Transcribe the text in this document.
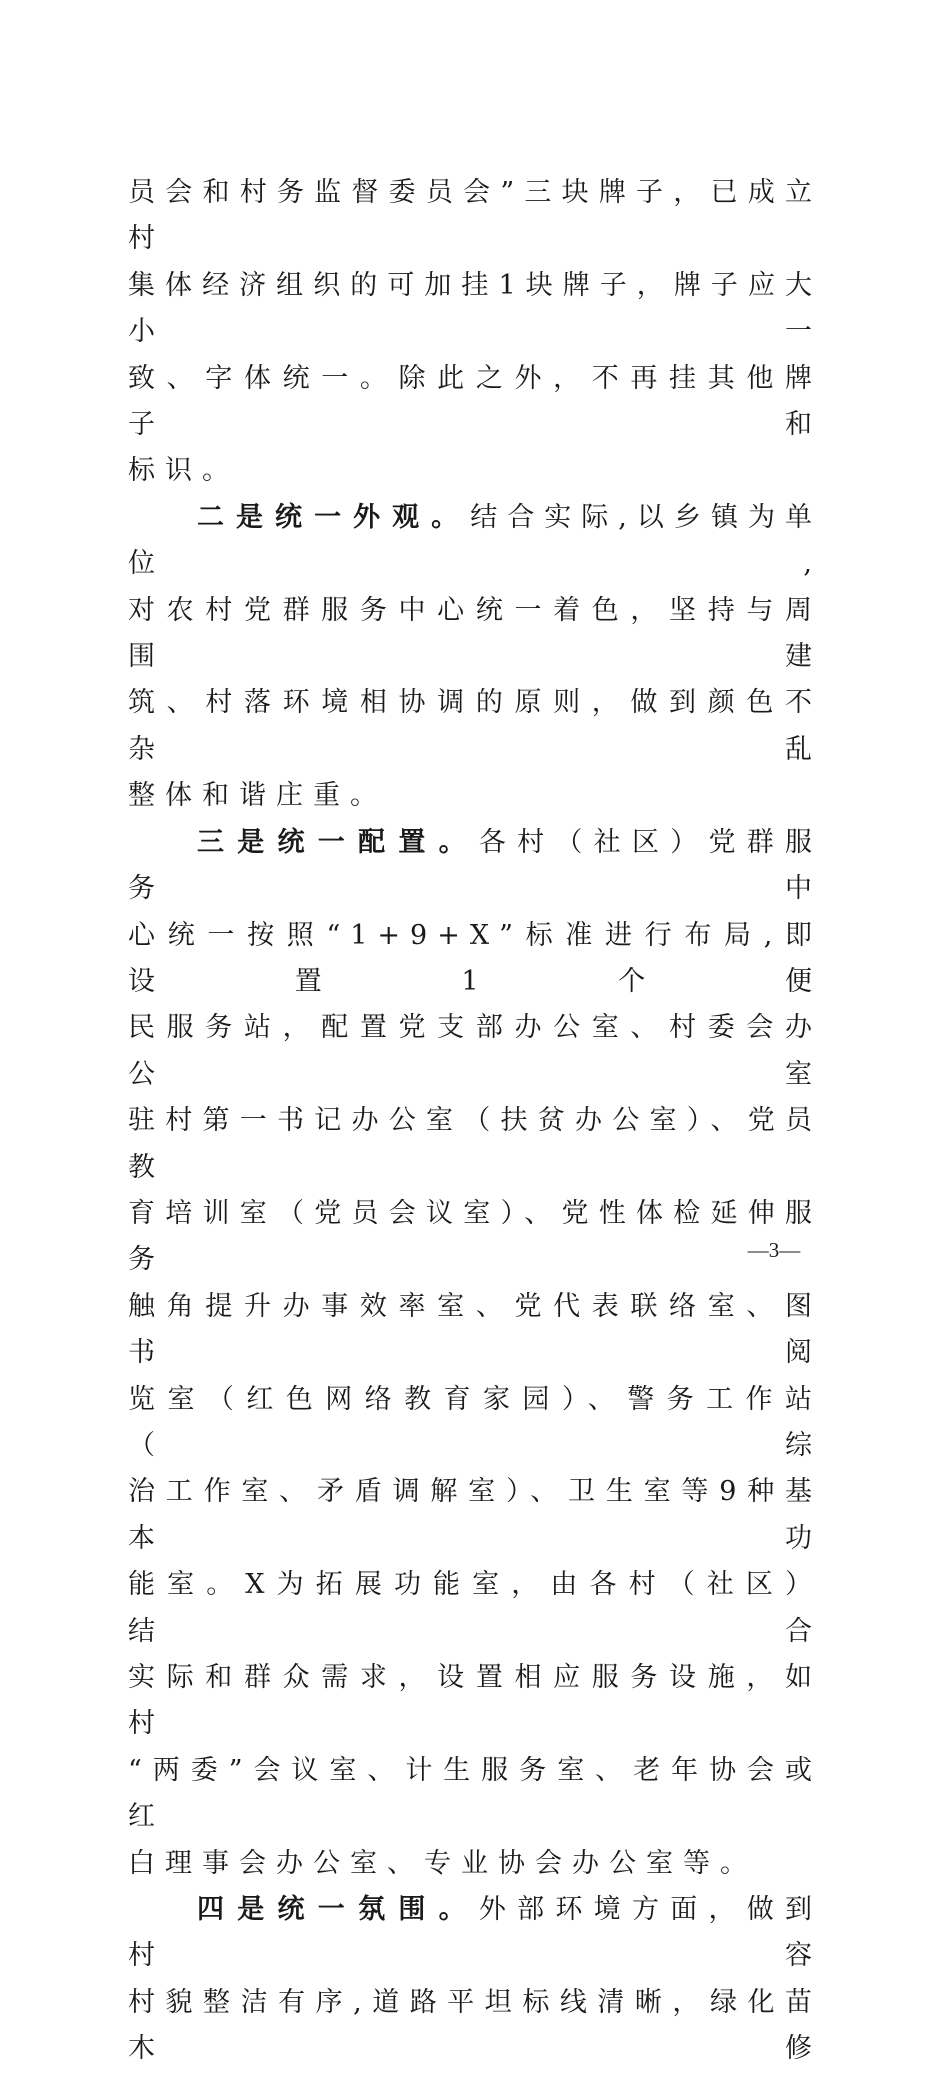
员会和村务监督委员会”三块牌子，已成立村

集体经济组织的可加挂1块牌子，牌子应大小一

致、字体统一。除此之外，不再挂其他牌子和

标识。

二是统一外观。结合实际,以乡镇为单位,

对农村党群服务中心统一着色，坚持与周围建

筑、村落环境相协调的原则，做到颜色不杂乱

整体和谐庄重。

三是统一配置。各村（社区）党群服务中

心统一按照“1+9+X”标准进行布局,即设置1个便

民服务站，配置党支部办公室、村委会办公室

驻村第一书记办公室（扶贫办公室）、党员教

育培训室（党员会议室）、党性体检延伸服务

触角提升办事效率室、党代表联络室、图书阅

览室（红色网络教育家园）、警务工作站（综

治工作室、矛盾调解室）、卫生室等9种基本功

能室。X为拓展功能室，由各村（社区）结合

实际和群众需求，设置相应服务设施，如村

“两委”会议室、计生服务室、老年协会或红

白理事会办公室、专业协会办公室等。

四是统一氛围。外部环境方面，做到村容

村貌整洁有序,道路平坦标线清晰，绿化苗木修

—3—
